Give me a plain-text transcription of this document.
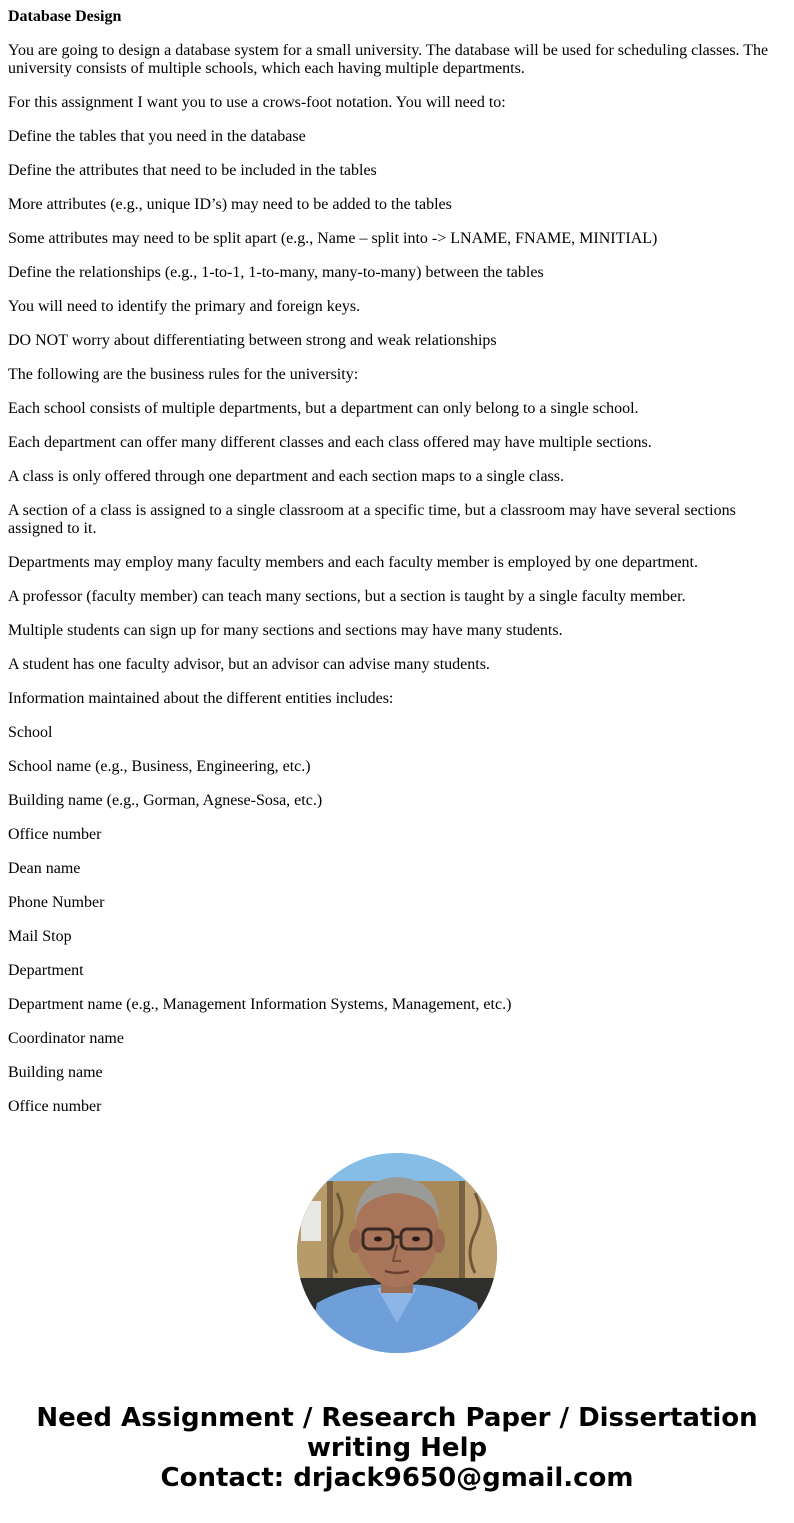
Database Design

You are going to design a database system for a small university. The database will be used for scheduling classes. The university consists of multiple schools, which each having multiple departments.

For this assignment I want you to use a crows-foot notation. You will need to:

Define the tables that you need in the database

Define the attributes that need to be included in the tables

More attributes (e.g., unique ID’s) may need to be added to the tables

Some attributes may need to be split apart (e.g., Name – split into -> LNAME, FNAME, MINITIAL)

Define the relationships (e.g., 1-to-1, 1-to-many, many-to-many) between the tables

You will need to identify the primary and foreign keys.

DO NOT worry about differentiating between strong and weak relationships

The following are the business rules for the university:

Each school consists of multiple departments, but a department can only belong to a single school.

Each department can offer many different classes and each class offered may have multiple sections.

A class is only offered through one department and each section maps to a single class.

A section of a class is assigned to a single classroom at a specific time, but a classroom may have several sections assigned to it.

Departments may employ many faculty members and each faculty member is employed by one department.

A professor (faculty member) can teach many sections, but a section is taught by a single faculty member.

Multiple students can sign up for many sections and sections may have many students.

A student has one faculty advisor, but an advisor can advise many students.

Information maintained about the different entities includes:

School

School name (e.g., Business, Engineering, etc.)

Building name (e.g., Gorman, Agnese-Sosa, etc.)

Office number

Dean name

Phone Number

Mail Stop

Department

Department name (e.g., Management Information Systems, Management, etc.)

Coordinator name

Building name

Office number

Need Assignment / Research Paper / Dissertation
writing Help
Contact: drjack9650@gmail.com
